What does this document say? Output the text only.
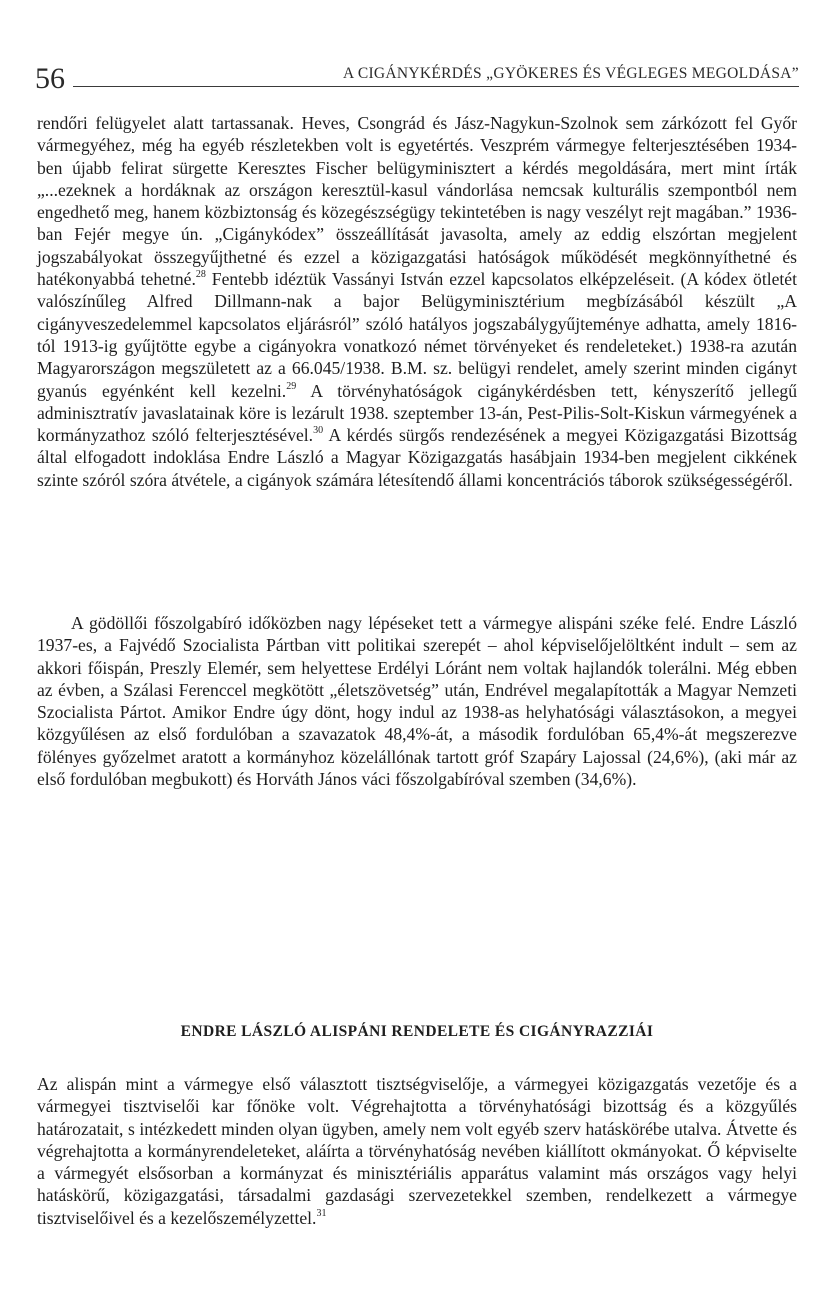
56	A CIGÁNYKÉRDÉS „GYÖKERES ÉS VÉGLEGES MEGOLDÁSA”

rendőri felügyelet alatt tartassanak. Heves, Csongrád és Jász-Nagykun-Szolnok sem zárkózott fel Győr vármegyéhez, még ha egyéb részletekben volt is egyetértés. Veszprém vármegye felterjesztésében 1934-ben újabb felirat sürgette Keresztes Fischer belügyminisztert a kérdés megoldására, mert mint írták „...ezeknek a hordáknak az országon keresztül-kasul vándorlása nemcsak kulturális szempontból nem engedhető meg, hanem közbiztonság és közegészségügy tekintetében is nagy veszélyt rejt magában.” 1936-ban Fejér megye ún. „Cigánykódex” összeállítását javasolta, amely az eddig elszórtan megjelent jogszabályokat összegyűjthetné és ezzel a közigazgatási hatóságok működését megkönnyíthetné és hatékonyabbá tehetné.$^{28}$ Fentebb idéztük Vassányi István ezzel kapcsolatos elképzeléseit. (A kódex ötletét valószínűleg Alfred Dillmann-nak a bajor Belügyminisztérium megbízásából készült „A cigányveszedelemmel kapcsolatos eljárásról” szóló hatályos jogszabálygyűjteménye adhatta, amely 1816-tól 1913-ig gyűjtötte egybe a cigányokra vonatkozó német törvényeket és rendeleteket.) 1938-ra azután Magyarországon megszületett az a 66.045/1938. B.M. sz. belügyi rendelet, amely szerint minden cigányt gyanús egyénként kell kezelni.$^{29}$ A törvényhatóságok cigánykérdésben tett, kényszerítő jellegű adminisztratív javaslatainak köre is lezárult 1938. szeptember 13-án, Pest-Pilis-Solt-Kiskun vármegyének a kormányzathoz szóló felterjesztésével.$^{30}$ A kérdés sürgős rendezésének a megyei Közigazgatási Bizottság által elfogadott indoklása Endre László a Magyar Közigazgatás hasábjain 1934-ben megjelent cikkének szinte szóról szóra átvétele, a cigányok számára létesítendő állami koncentrációs táborok szükségességéről.

A gödöllői főszolgabíró időközben nagy lépéseket tett a vármegye alispáni széke felé. Endre László 1937-es, a Fajvédő Szocialista Pártban vitt politikai szerepét – ahol képviselőjelöltként indult – sem az akkori főispán, Preszly Elemér, sem helyettese Erdélyi Lóránt nem voltak hajlandók tolerálni. Még ebben az évben, a Szálasi Ferenccel megkötött „életszövetség” után, Endrével megalapították a Magyar Nemzeti Szocialista Pártot. Amikor Endre úgy dönt, hogy indul az 1938-as helyhatósági választásokon, a megyei közgyűlésen az első fordulóban a szavazatok 48,4%-át, a második fordulóban 65,4%-át megszerezve fölényes győzelmet aratott a kormányhoz közelállónak tartott gróf Szapáry Lajossal (24,6%), (aki már az első fordulóban megbukott) és Horváth János váci főszolgabíróval szemben (34,6%).

ENDRE LÁSZLÓ ALISPÁNI RENDELETE ÉS CIGÁNYRAZZIÁI

Az alispán mint a vármegye első választott tisztségviselője, a vármegyei közigazgatás vezetője és a vármegyei tisztviselői kar főnöke volt. Végrehajtotta a törvényhatósági bizottság és a közgyűlés határozatait, s intézkedett minden olyan ügyben, amely nem volt egyéb szerv hatáskörébe utalva. Átvette és végrehajtotta a kormányrendeleteket, aláírta a törvényhatóság nevében kiállított okmányokat. Ő képviselte a vármegyét elsősorban a kormányzat és minisztériális apparátus valamint más országos vagy helyi hatáskörű, közigazgatási, társadalmi gazdasági szervezetekkel szemben, rendelkezett a vármegye tisztviselőivel és a kezelőszemélyzettel.$^{31}$
